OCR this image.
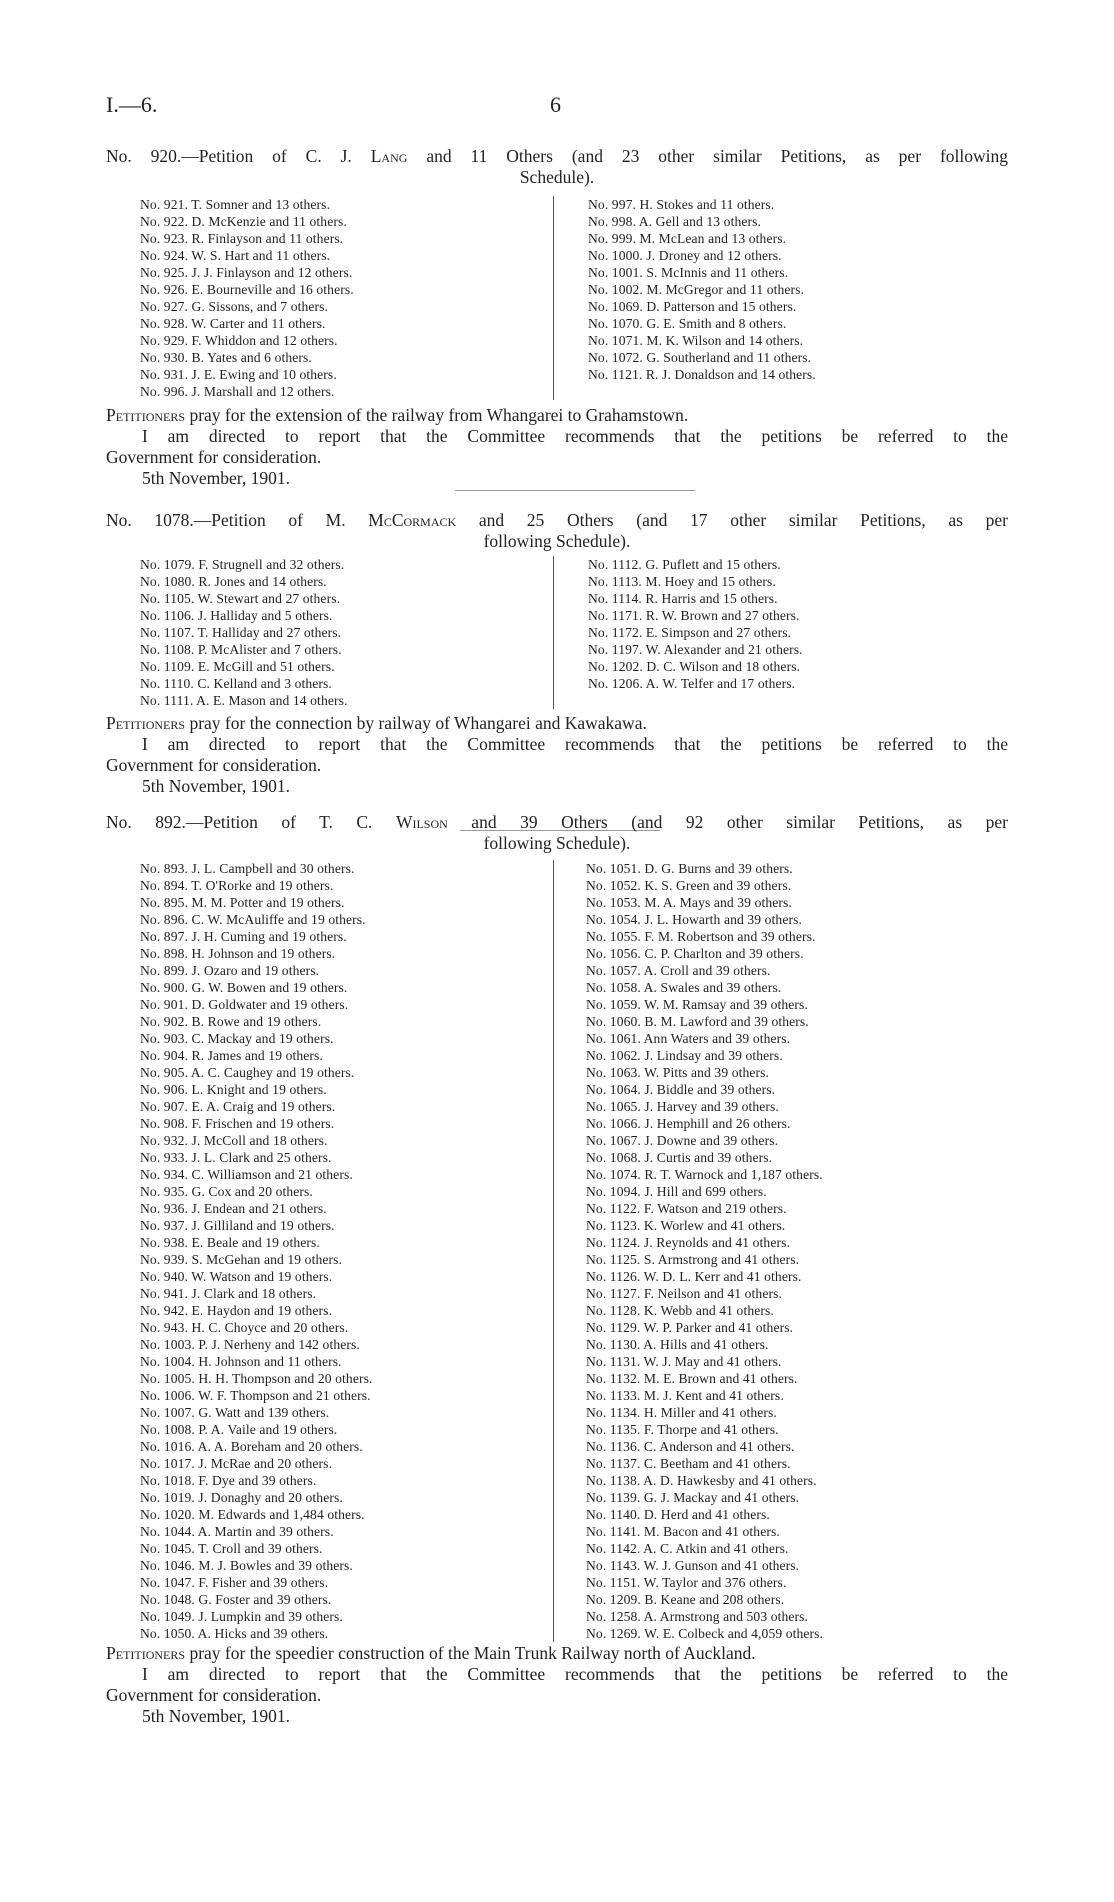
I.—6.	6
No. 920.—Petition of C. J. Lang and 11 Others (and 23 other similar Petitions, as per following
Schedule).
No. 921. T. Somner and 13 others.
No. 922. D. McKenzie and 11 others.
No. 923. R. Finlayson and 11 others.
No. 924. W. S. Hart and 11 others.
No. 925. J. J. Finlayson and 12 others.
No. 926. E. Bourneville and 16 others.
No. 927. G. Sissons, and 7 others.
No. 928. W. Carter and 11 others.
No. 929. F. Whiddon and 12 others.
No. 930. B. Yates and 6 others.
No. 931. J. E. Ewing and 10 others.
No. 996. J. Marshall and 12 others.
No. 997. H. Stokes and 11 others.
No. 998. A. Gell and 13 others.
No. 999. M. McLean and 13 others.
No. 1000. J. Droney and 12 others.
No. 1001. S. McInnis and 11 others.
No. 1002. M. McGregor and 11 others.
No. 1069. D. Patterson and 15 others.
No. 1070. G. E. Smith and 8 others.
No. 1071. M. K. Wilson and 14 others.
No. 1072. G. Southerland and 11 others.
No. 1121. R. J. Donaldson and 14 others.
Petitioners pray for the extension of the railway from Whangarei to Grahamstown.
I am directed to report that the Committee recommends that the petitions be referred to the
Government for consideration.
5th November, 1901.
No. 1078.—Petition of M. McCormack and 25 Others (and 17 other similar Petitions, as per
following Schedule).
No. 1079. F. Strugnell and 32 others.
No. 1080. R. Jones and 14 others.
No. 1105. W. Stewart and 27 others.
No. 1106. J. Halliday and 5 others.
No. 1107. T. Halliday and 27 others.
No. 1108. P. McAlister and 7 others.
No. 1109. E. McGill and 51 others.
No. 1110. C. Kelland and 3 others.
No. 1111. A. E. Mason and 14 others.
No. 1112. G. Puflett and 15 others.
No. 1113. M. Hoey and 15 others.
No. 1114. R. Harris and 15 others.
No. 1171. R. W. Brown and 27 others.
No. 1172. E. Simpson and 27 others.
No. 1197. W. Alexander and 21 others.
No. 1202. D. C. Wilson and 18 others.
No. 1206. A. W. Telfer and 17 others.
Petitioners pray for the connection by railway of Whangarei and Kawakawa.
I am directed to report that the Committee recommends that the petitions be referred to the
Government for consideration.
5th November, 1901.
No. 892.—Petition of T. C. Wilson and 39 Others (and 92 other similar Petitions, as per
following Schedule).
No. 893. J. L. Campbell and 30 others.
No. 894. T. O'Rorke and 19 others.
No. 895. M. M. Potter and 19 others.
No. 896. C. W. McAuliffe and 19 others.
No. 897. J. H. Cuming and 19 others.
No. 898. H. Johnson and 19 others.
No. 899. J. Ozaro and 19 others.
No. 900. G. W. Bowen and 19 others.
No. 901. D. Goldwater and 19 others.
No. 902. B. Rowe and 19 others.
No. 903. C. Mackay and 19 others.
No. 904. R. James and 19 others.
No. 905. A. C. Caughey and 19 others.
No. 906. L. Knight and 19 others.
No. 907. E. A. Craig and 19 others.
No. 908. F. Frischen and 19 others.
No. 932. J. McColl and 18 others.
No. 933. J. L. Clark and 25 others.
No. 934. C. Williamson and 21 others.
No. 935. G. Cox and 20 others.
No. 936. J. Endean and 21 others.
No. 937. J. Gilliland and 19 others.
No. 938. E. Beale and 19 others.
No. 939. S. McGehan and 19 others.
No. 940. W. Watson and 19 others.
No. 941. J. Clark and 18 others.
No. 942. E. Haydon and 19 others.
No. 943. H. C. Choyce and 20 others.
No. 1003. P. J. Nerheny and 142 others.
No. 1004. H. Johnson and 11 others.
No. 1005. H. H. Thompson and 20 others.
No. 1006. W. F. Thompson and 21 others.
No. 1007. G. Watt and 139 others.
No. 1008. P. A. Vaile and 19 others.
No. 1016. A. A. Boreham and 20 others.
No. 1017. J. McRae and 20 others.
No. 1018. F. Dye and 39 others.
No. 1019. J. Donaghy and 20 others.
No. 1020. M. Edwards and 1,484 others.
No. 1044. A. Martin and 39 others.
No. 1045. T. Croll and 39 others.
No. 1046. M. J. Bowles and 39 others.
No. 1047. F. Fisher and 39 others.
No. 1048. G. Foster and 39 others.
No. 1049. J. Lumpkin and 39 others.
No. 1050. A. Hicks and 39 others.
No. 1051. D. G. Burns and 39 others.
No. 1052. K. S. Green and 39 others.
No. 1053. M. A. Mays and 39 others.
No. 1054. J. L. Howarth and 39 others.
No. 1055. F. M. Robertson and 39 others.
No. 1056. C. P. Charlton and 39 others.
No. 1057. A. Croll and 39 others.
No. 1058. A. Swales and 39 others.
No. 1059. W. M. Ramsay and 39 others.
No. 1060. B. M. Lawford and 39 others.
No. 1061. Ann Waters and 39 others.
No. 1062. J. Lindsay and 39 others.
No. 1063. W. Pitts and 39 others.
No. 1064. J. Biddle and 39 others.
No. 1065. J. Harvey and 39 others.
No. 1066. J. Hemphill and 26 others.
No. 1067. J. Downe and 39 others.
No. 1068. J. Curtis and 39 others.
No. 1074. R. T. Warnock and 1,187 others.
No. 1094. J. Hill and 699 others.
No. 1122. F. Watson and 219 others.
No. 1123. K. Worlew and 41 others.
No. 1124. J. Reynolds and 41 others.
No. 1125. S. Armstrong and 41 others.
No. 1126. W. D. L. Kerr and 41 others.
No. 1127. F. Neilson and 41 others.
No. 1128. K. Webb and 41 others.
No. 1129. W. P. Parker and 41 others.
No. 1130. A. Hills and 41 others.
No. 1131. W. J. May and 41 others.
No. 1132. M. E. Brown and 41 others.
No. 1133. M. J. Kent and 41 others.
No. 1134. H. Miller and 41 others.
No. 1135. F. Thorpe and 41 others.
No. 1136. C. Anderson and 41 others.
No. 1137. C. Beetham and 41 others.
No. 1138. A. D. Hawkesby and 41 others.
No. 1139. G. J. Mackay and 41 others.
No. 1140. D. Herd and 41 others.
No. 1141. M. Bacon and 41 others.
No. 1142. A. C. Atkin and 41 others.
No. 1143. W. J. Gunson and 41 others.
No. 1151. W. Taylor and 376 others.
No. 1209. B. Keane and 208 others.
No. 1258. A. Armstrong and 503 others.
No. 1269. W. E. Colbeck and 4,059 others.
Petitioners pray for the speedier construction of the Main Trunk Railway north of Auckland.
I am directed to report that the Committee recommends that the petitions be referred to the
Government for consideration.
5th November, 1901.
